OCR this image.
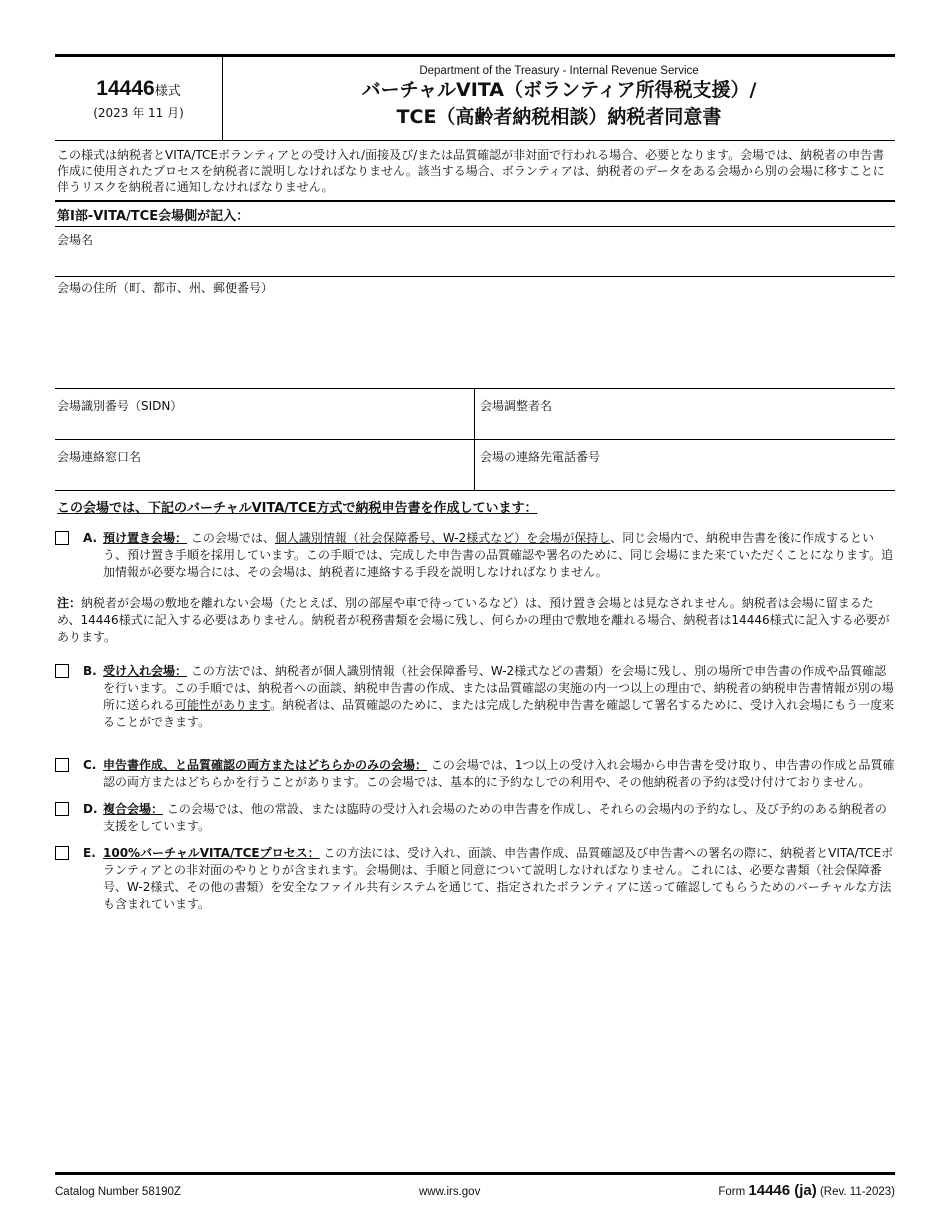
14446様式
(2023 年 11 月)
Department of the Treasury - Internal Revenue Service
バーチャルVITA（ボランティア所得税支援）/
TCE（高齢者納税相談）納税者同意書
この様式は納税者とVITA/TCEボランティアとの受け入れ/面接及び/または品質確認が非対面で行われる場合、必要となります。会場では、納税者の申告書作成に使用されたプロセスを納税者に説明しなければなりません。該当する場合、ボランティアは、納税者のデータをある会場から別の会場に移すことに伴うリスクを納税者に通知しなければなりません。
第I部-VITA/TCE会場側が記入：
会場名
会場の住所（町、都市、州、郵便番号）
会場識別番号（SIDN）	会場調整者名
会場連絡窓口名	会場の連絡先電話番号
この会場では、下記のバーチャルVITA/TCE方式で納税申告書を作成しています：
A. 預け置き会場： この会場では、個人識別情報（社会保障番号、W-2様式など）を会場が保持し、同じ会場内で、納税申告書を後に作成するという、預け置き手順を採用しています。この手順では、完成した申告書の品質確認や署名のために、同じ会場にまた来ていただくことになります。追加情報が必要な場合には、その会場は、納税者に連絡する手段を説明しなければなりません。
注：納税者が会場の敷地を離れない会場（たとえば、別の部屋や車で待っているなど）は、預け置き会場とは見なされません。納税者は会場に留まるため、14446様式に記入する必要はありません。納税者が税務書類を会場に残し、何らかの理由で敷地を離れる場合、納税者は14446様式に記入する必要があります。
B. 受け入れ会場： この方法では、納税者が個人識別情報（社会保障番号、W-2様式などの書類）を会場に残し、別の場所で申告書の作成や品質確認を行います。この手順では、納税者への面談、納税申告書の作成、または品質確認の実施の内一つ以上の理由で、納税者の納税申告書情報が別の場所に送られる可能性があります。納税者は、品質確認のために、または完成した納税申告書を確認して署名するために、受け入れ会場にもう一度来ることができます。
C. 申告書作成、と品質確認の両方またはどちらかのみの会場： この会場では、1つ以上の受け入れ会場から申告書を受け取り、申告書の作成と品質確認の両方またはどちらかを行うことがあります。この会場では、基本的に予約なしでの利用や、その他納税者の予約は受け付けておりません。
D. 複合会場： この会場では、他の常設、または臨時の受け入れ会場のための申告書を作成し、それらの会場内の予約なし、及び予約のある納税者の支援をしています。
E. 100%バーチャルVITA/TCEプロセス： この方法には、受け入れ、面談、申告書作成、品質確認及び申告書への署名の際に、納税者とVITA/TCEボランティアとの非対面のやりとりが含まれます。会場側は、手順と同意について説明しなければなりません。これには、必要な書類（社会保障番号、W-2様式、その他の書類）を安全なファイル共有システムを通じて、指定されたボランティアに送って確認してもらうためのバーチャルな方法も含まれています。
Catalog Number 58190Z	www.irs.gov	Form 14446 (ja) (Rev. 11-2023)
